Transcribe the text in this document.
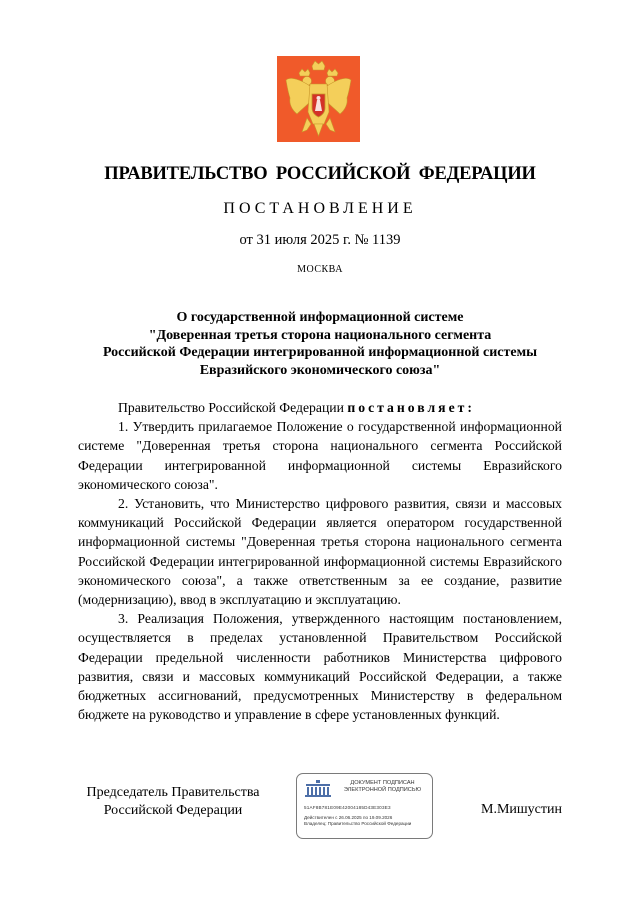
ПРАВИТЕЛЬСТВО РОССИЙСКОЙ ФЕДЕРАЦИИ
ПОСТАНОВЛЕНИЕ
от 31 июля 2025 г. № 1139
МОСКВА
О государственной информационной системе
"Доверенная третья сторона национального сегмента
Российской Федерации интегрированной информационной системы
Евразийского экономического союза"

Правительство Российской Федерации постановляет:

1. Утвердить прилагаемое Положение о государственной информационной системе "Доверенная третья сторона национального сегмента Российской Федерации интегрированной информационной системы Евразийского экономического союза".

2. Установить, что Министерство цифрового развития, связи и массовых коммуникаций Российской Федерации является оператором государственной информационной системы "Доверенная третья сторона национального сегмента Российской Федерации интегрированной информационной системы Евразийского экономического союза", а также ответственным за ее создание, развитие (модернизацию), ввод в эксплуатацию и эксплуатацию.

3. Реализация Положения, утвержденного настоящим постановлением, осуществляется в пределах установленной Правительством Российской Федерации предельной численности работников Министерства цифрового развития, связи и массовых коммуникаций Российской Федерации, а также бюджетных ассигнований, предусмотренных Министерству в федеральном бюджете на руководство и управление в сфере установленных функций.

Председатель Правительства
Российской Федерации
ДОКУМЕНТ ПОДПИСАН
ЭЛЕКТРОННОЙ ПОДПИСЬЮ
51AF8B781E09E42004185D43E303E3
Действителен с 26.06.2025 по 19.09.2026
Владелец: Правительство Российской Федерации
М.Мишустин
